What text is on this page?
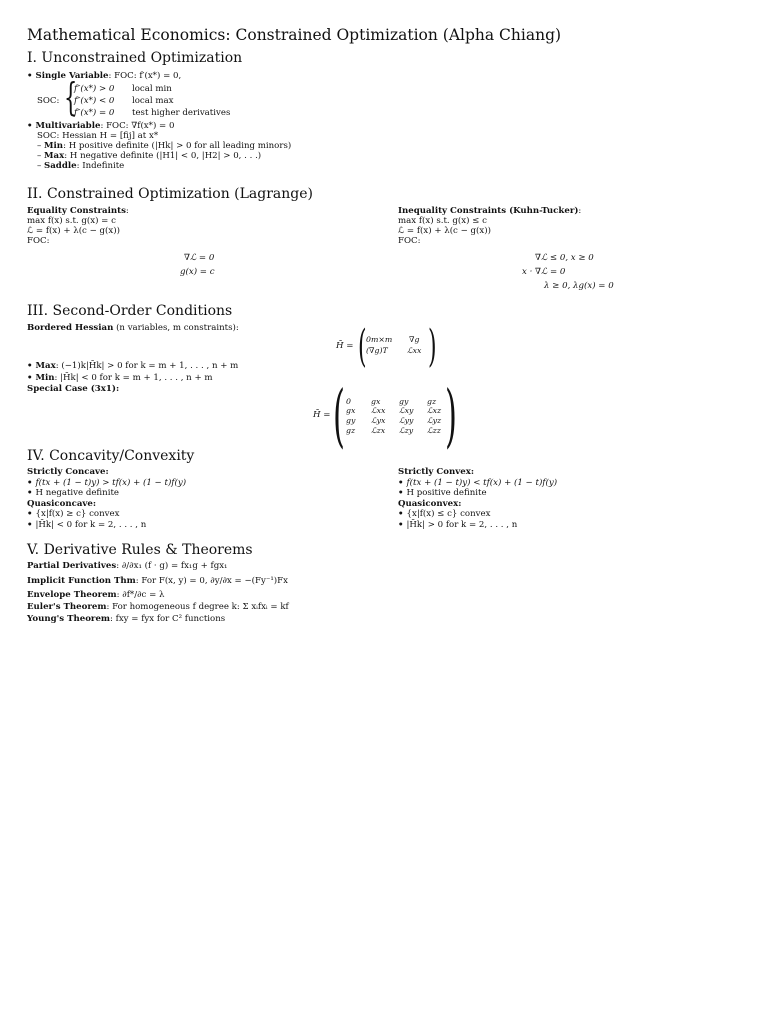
Mathematical Economics: Constrained Optimization (Alpha Chiang)
I. Unconstrained Optimization
• Single Variable: FOC: f′(x*) = 0,
SOC: {
f″(x*) > 0 local min
f″(x*) < 0 local max
f″(x*) = 0 test higher derivatives
• Multivariable: FOC: ∇f(x*) = 0
SOC: Hessian H = [fij] at x*
– Min: H positive definite (|Hk| > 0 for all leading minors)
– Max: H negative definite (|H1| < 0, |H2| > 0, . . .)
– Saddle: Indefinite
II. Constrained Optimization (Lagrange)
Equality Constraints:
max f(x) s.t. g(x) = c
ℒ = f(x) + λ(c − g(x))
FOC:
∇ℒ = 0
g(x) = c
Inequality Constraints (Kuhn-Tucker):
max f(x) s.t. g(x) ≤ c
ℒ = f(x) + λ(c − g(x))
FOC:
∇ℒ ≤ 0, x ≥ 0
x · ∇ℒ = 0
λ ≥ 0, λg(x) = 0
III. Second-Order Conditions
Bordered Hessian (n variables, m constraints):
H̄ = ( 0m×m ∇g
(∇g)T ℒxx )
• Max: (−1)k|H̄k| > 0 for k = m + 1, . . . , n + m
• Min: |H̄k| < 0 for k = m + 1, . . . , n + m
Special Case (3x1):
H̄ = ( 0	gx gy gz
gx ℒxx ℒxy ℒxz
gy ℒyx ℒyy ℒyz
gz ℒzx ℒzy ℒzz )
IV. Concavity/Convexity
Strictly Concave:
• f(tx + (1 − t)y) > tf(x) + (1 − t)f(y)
• H negative definite
Quasiconcave:
• {x|f(x) ≥ c} convex
• |H̄k| < 0 for k = 2, . . . , n
Strictly Convex:
• f(tx + (1 − t)y) < tf(x) + (1 − t)f(y)
• H positive definite
Quasiconvex:
• {x|f(x) ≤ c} convex
• |H̄k| > 0 for k = 2, . . . , n
V. Derivative Rules & Theorems
Partial Derivatives: ∂/∂x₁ (f · g) = fx₁g + fgx₁
Implicit Function Thm: For F(x, y) = 0, ∂y/∂x = −(Fy⁻¹)Fx
Envelope Theorem: ∂f*/∂c = λ
Euler's Theorem: For homogeneous f degree k: Σ xᵢfxᵢ = kf
Young's Theorem: fxy = fyx for C² functions
